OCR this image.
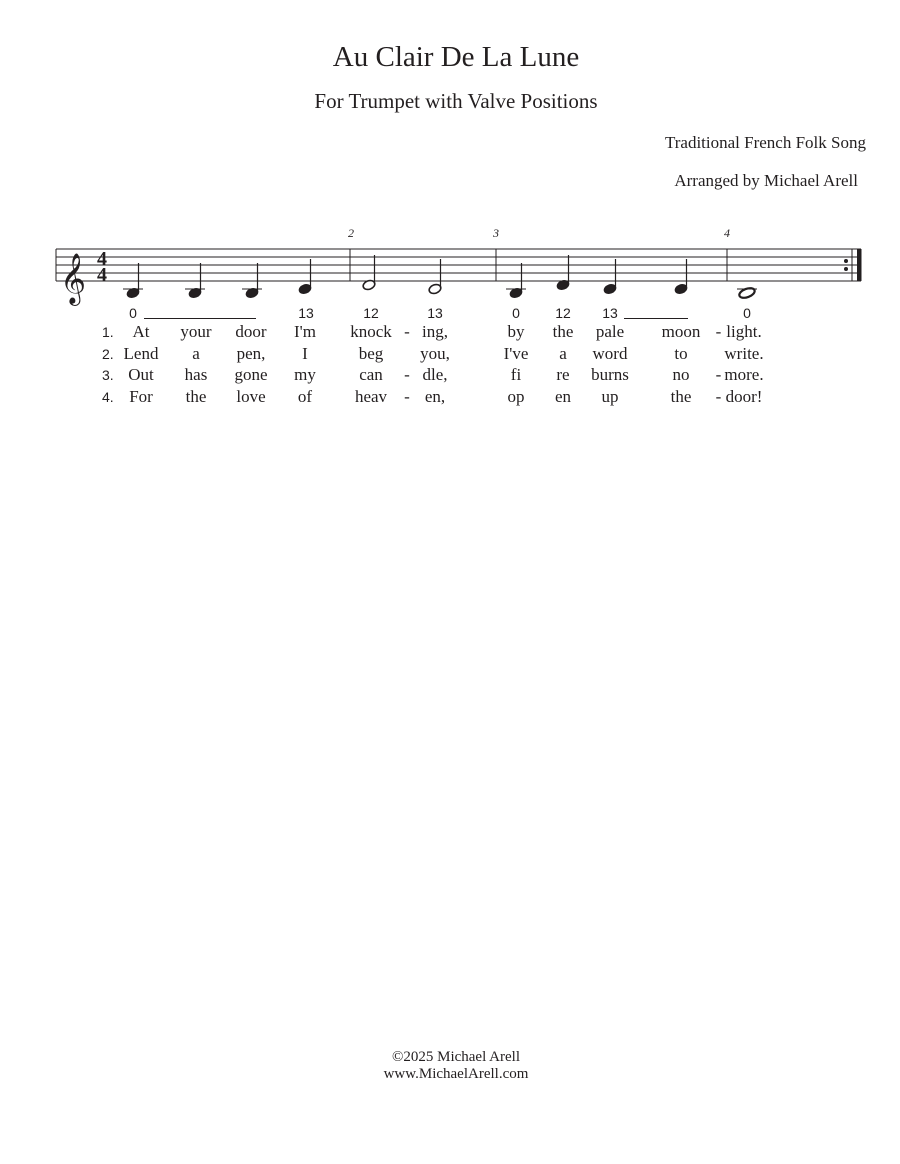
Au Clair De La Lune
For Trumpet with Valve Positions
Traditional French Folk Song
Arranged by Michael Arell
𝄞 4
4
2	3	4
0	13	12	13	0	12 13	0
1. At your door I'm knock ing,	by the pale moon light.
-	-
2. Lend a pen, I	beg you,	I've a word	to write.
3. Out has gone my	can dle,	fi re burns	no more.
-	-
4. For the love of	heav en,	op en up	the door!
-	-
©2025 Michael Arell
www.MichaelArell.com
